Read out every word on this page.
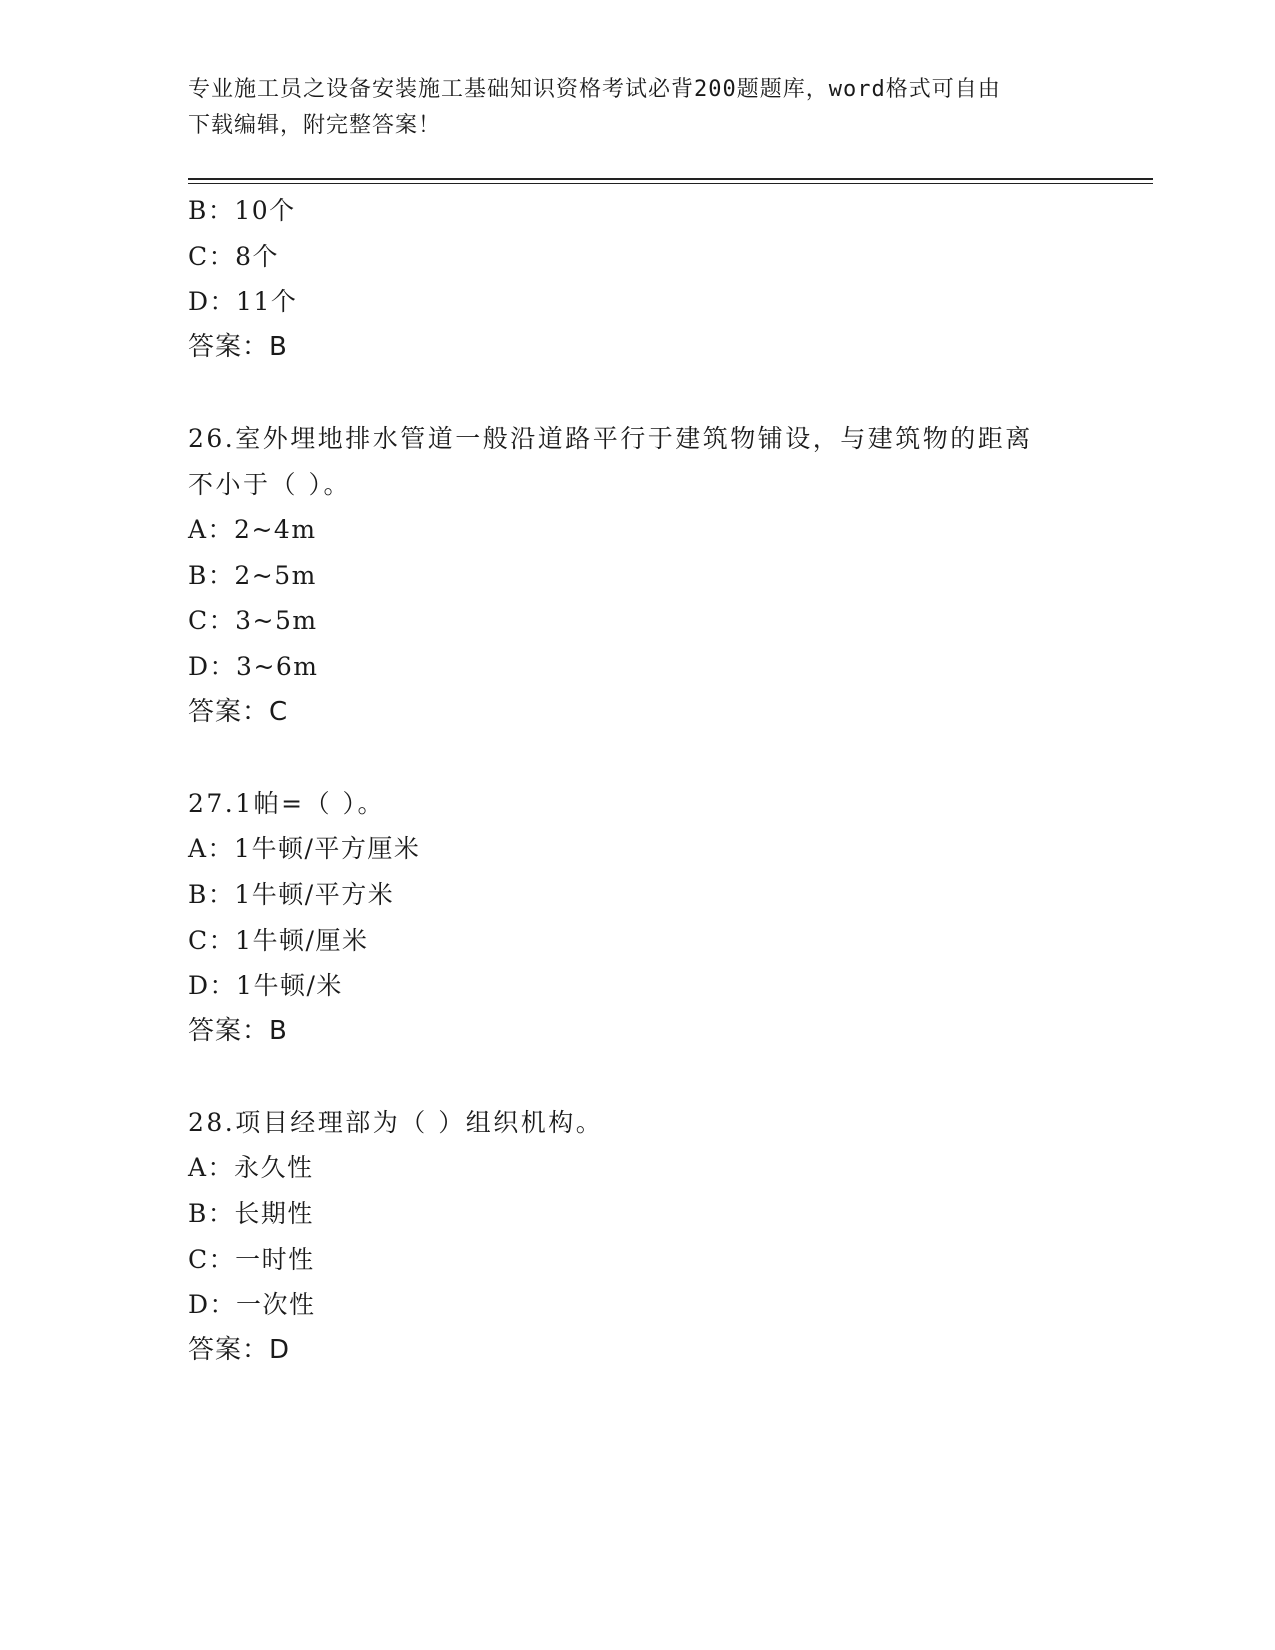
专业施工员之设备安装施工基础知识资格考试必背200题题库，word格式可自由
下载编辑，附完整答案！
B：10个
C：8个
D：11个
答案：B
26.室外埋地排水管道一般沿道路平行于建筑物铺设，与建筑物的距离
不小于（ ）。
A：2~4m
B：2~5m
C：3~5m
D：3~6m
答案：C
27.1帕=（ ）。
A：1牛顿/平方厘米
B：1牛顿/平方米
C：1牛顿/厘米
D：1牛顿/米
答案：B
28.项目经理部为（ ）组织机构。
A：永久性
B：长期性
C：一时性
D：一次性
答案：D
